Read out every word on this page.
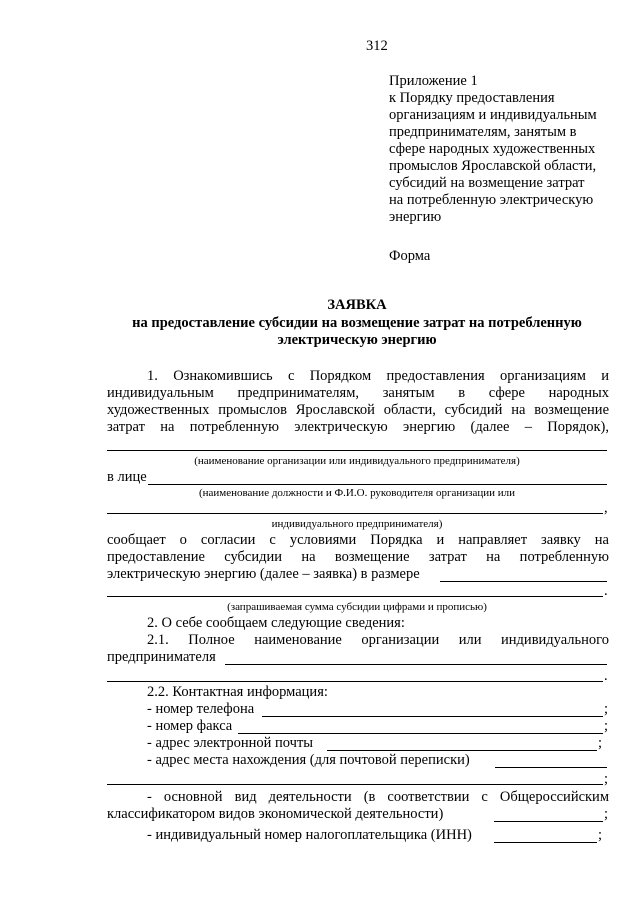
312
Приложение 1
к Порядку предоставления
организациям и индивидуальным
предпринимателям, занятым в
сфере народных художественных
промыслов Ярославской области,
субсидий на возмещение затрат
на потребленную электрическую
энергию
Форма
ЗАЯВКА
на предоставление субсидии на возмещение затрат на потребленную
электрическую энергию
1. Ознакомившись с Порядком предоставления организациям и
индивидуальным предпринимателям, занятым в сфере народных
художественных промыслов Ярославской области, субсидий на возмещение
затрат на потребленную электрическую энергию (далее – Порядок),
(наименование организации или индивидуального предпринимателя)
в лице
(наименование должности и Ф.И.О. руководителя организации или
,
индивидуального предпринимателя)
сообщает о согласии с условиями Порядка и направляет заявку на
предоставление субсидии на возмещение затрат на потребленную
электрическую энергию (далее – заявка) в размере
.
(запрашиваемая сумма субсидии цифрами и прописью)
2. О себе сообщаем следующие сведения:
2.1. Полное наименование организации или индивидуального
предпринимателя
.
2.2. Контактная информация:
- номер телефона	;
- номер факса	;
- адрес электронной почты	;
- адрес места нахождения (для почтовой переписки)
;
- основной вид деятельности (в соответствии с Общероссийским
классификатором видов экономической деятельности)	;
- индивидуальный номер налогоплательщика (ИНН)	;
